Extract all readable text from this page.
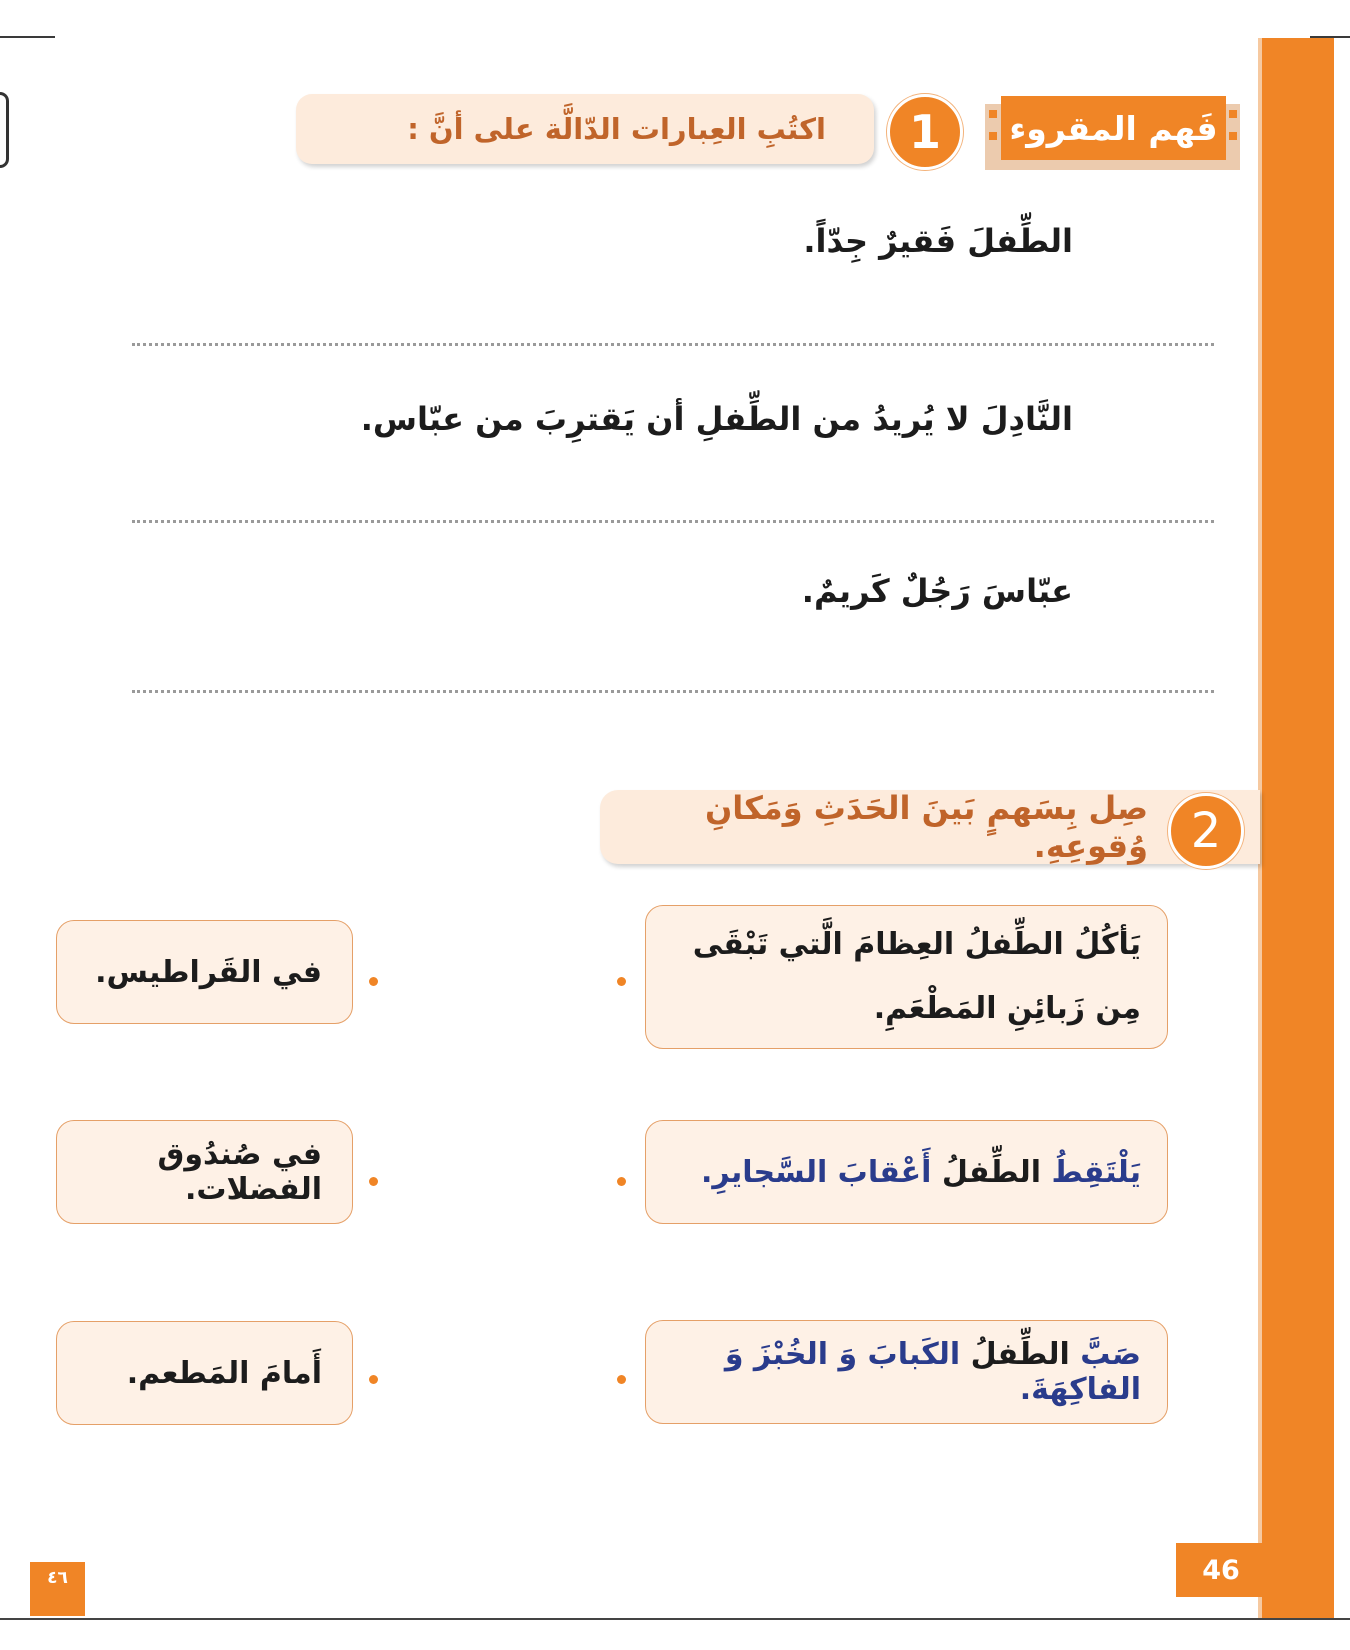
فَهم المقروء
1
اكتُبِ العِبارات الدّالَّة على أنَّ :
الطِّفلَ فَقيرٌ جِدّاً.
النَّادِلَ لا يُريدُ من الطِّفلِ أن يَقترِبَ من عبّاس.
عبّاسَ رَجُلٌ كَريمٌ.
صِل بِسَهمٍ بَينَ الحَدَثِ وَمَكانِ وُقوعِهِ. 2
يَأكُلُ الطِّفلُ العِظامَ الَّتي تَبْقَى مِن زَبائِنِ المَطْعَمِ.
يَلْتَقِطُ الطِّفلُ أَعْقابَ السَّجايرِ.
صَبَّ الطِّفلُ الكَبابَ وَ الخُبْزَ وَ الفاكِهَةَ.
في القَراطيس.
في صُندُوق الفضلات.
أَمامَ المَطعم.
46
٤٦
